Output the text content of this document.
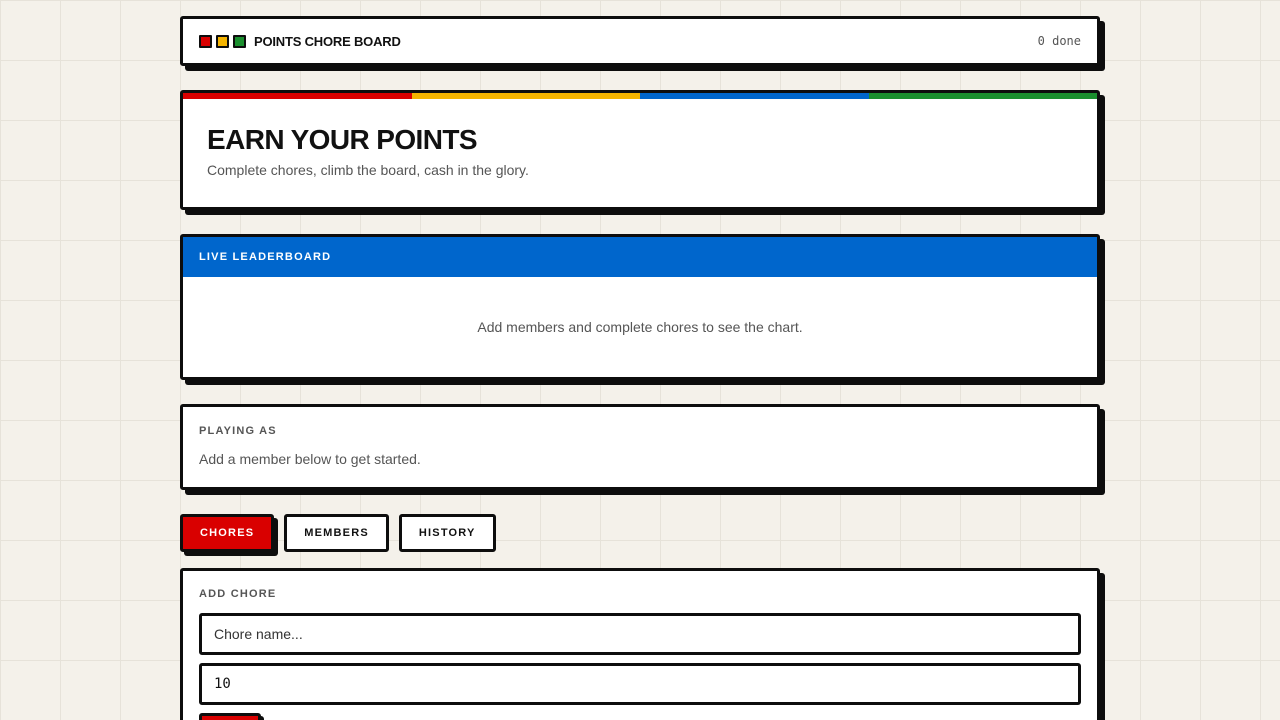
POINTS CHORE BOARD	0 done
EARN YOUR POINTS
Complete chores, climb the board, cash in the glory.
LIVE LEADERBOARD
Add members and complete chores to see the chart.
PLAYING AS
Add a member below to get started.
CHORES	MEMBERS	HISTORY
ADD CHORE
Chore name...
10
